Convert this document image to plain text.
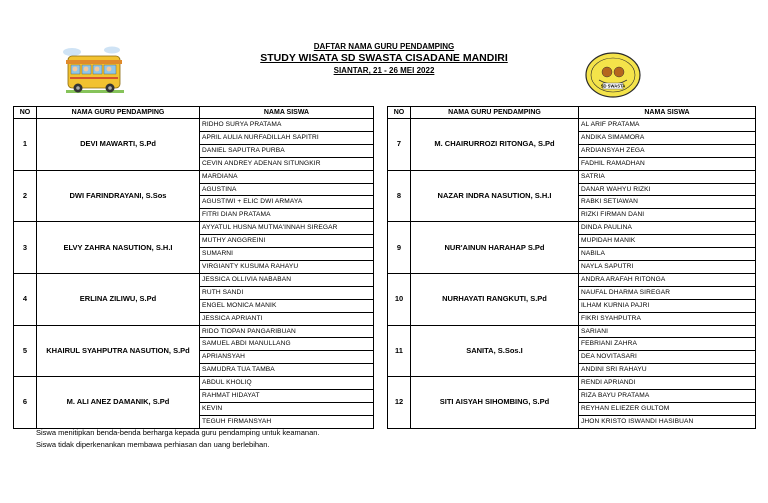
DAFTAR NAMA GURU PENDAMPING
STUDY WISATA SD SWASTA CISADANE MANDIRI
SIANTAR, 21 - 26 MEI 2022
SD SWASTA
NO	NAMA GURU PENDAMPING	NAMA SISWA
1	DEVI MAWARTI, S.Pd	RIDHO SURYA PRATAMA
		APRIL AULIA NURFADILLAH SAPITRI
		DANIEL SAPUTRA PURBA
		CEVIN ANDREY ADENAN SITUNGKIR
2	DWI FARINDRAYANI, S.Sos	MARDIANA
		AGUSTINA
		AGUSTIWI + ELIC DWI ARMAYA
		FITRI DIAN PRATAMA
3	ELVY ZAHRA NASUTION, S.H.I	AYYATUL HUSNA MUTMA'INNAH SIREGAR
		MUTHY ANGGREINI
		SUMARNI
		VIRGIANTY KUSUMA RAHAYU
4	ERLINA ZILIWU, S.Pd	JESSICA OLLIVIA NABABAN
		RUTH SANDI
		ENGEL MONICA MANIK
		JESSICA APRIANTI
5	KHAIRUL SYAHPUTRA NASUTION, S.Pd	RIDO TIOPAN PANGARIBUAN
		SAMUEL ABDI MANULLANG
		APRIANSYAH
		SAMUDRA TUA TAMBA
6	M. ALI ANEZ DAMANIK, S.Pd	ABDUL KHOLIQ
		RAHMAT HIDAYAT
		KEVIN
		TEGUH FIRMANSYAH
NO	NAMA GURU PENDAMPING	NAMA SISWA
7	M. CHAIRURROZI RITONGA, S.Pd	AL ARIF PRATAMA
		ANDIKA SIMAMORA
		ARDIANSYAH ZEGA
		FADHIL RAMADHAN
8	NAZAR INDRA NASUTION, S.H.I	SATRIA
		DANAR WAHYU RIZKI
		RABKI SETIAWAN
		RIZKI FIRMAN DANI
9	NUR'AINUN HARAHAP S.Pd	DINDA PAULINA
		MUPIDAH MANIK
		NABILA
		NAYLA SAPUTRI
10	NURHAYATI RANGKUTI, S.Pd	ANDRA ARAFAH RITONGA
		NAUFAL DHARMA SIREGAR
		ILHAM KURNIA PAJRI
		FIKRI SYAHPUTRA
11	SANITA, S.Sos.I	SARIANI
		FEBRIANI ZAHRA
		DEA NOVITASARI
		ANDINI SRI RAHAYU
12	SITI AISYAH SIHOMBING, S.Pd	RENDI APRIANDI
		RIZA BAYU PRATAMA
		REYHAN ELIEZER GULTOM
		JHON KRISTO ISWANDI HASIBUAN
Siswa menitipkan benda-benda berharga kepada guru pendamping untuk keamanan.
Siswa tidak diperkenankan membawa perhiasan dan uang berlebihan.
